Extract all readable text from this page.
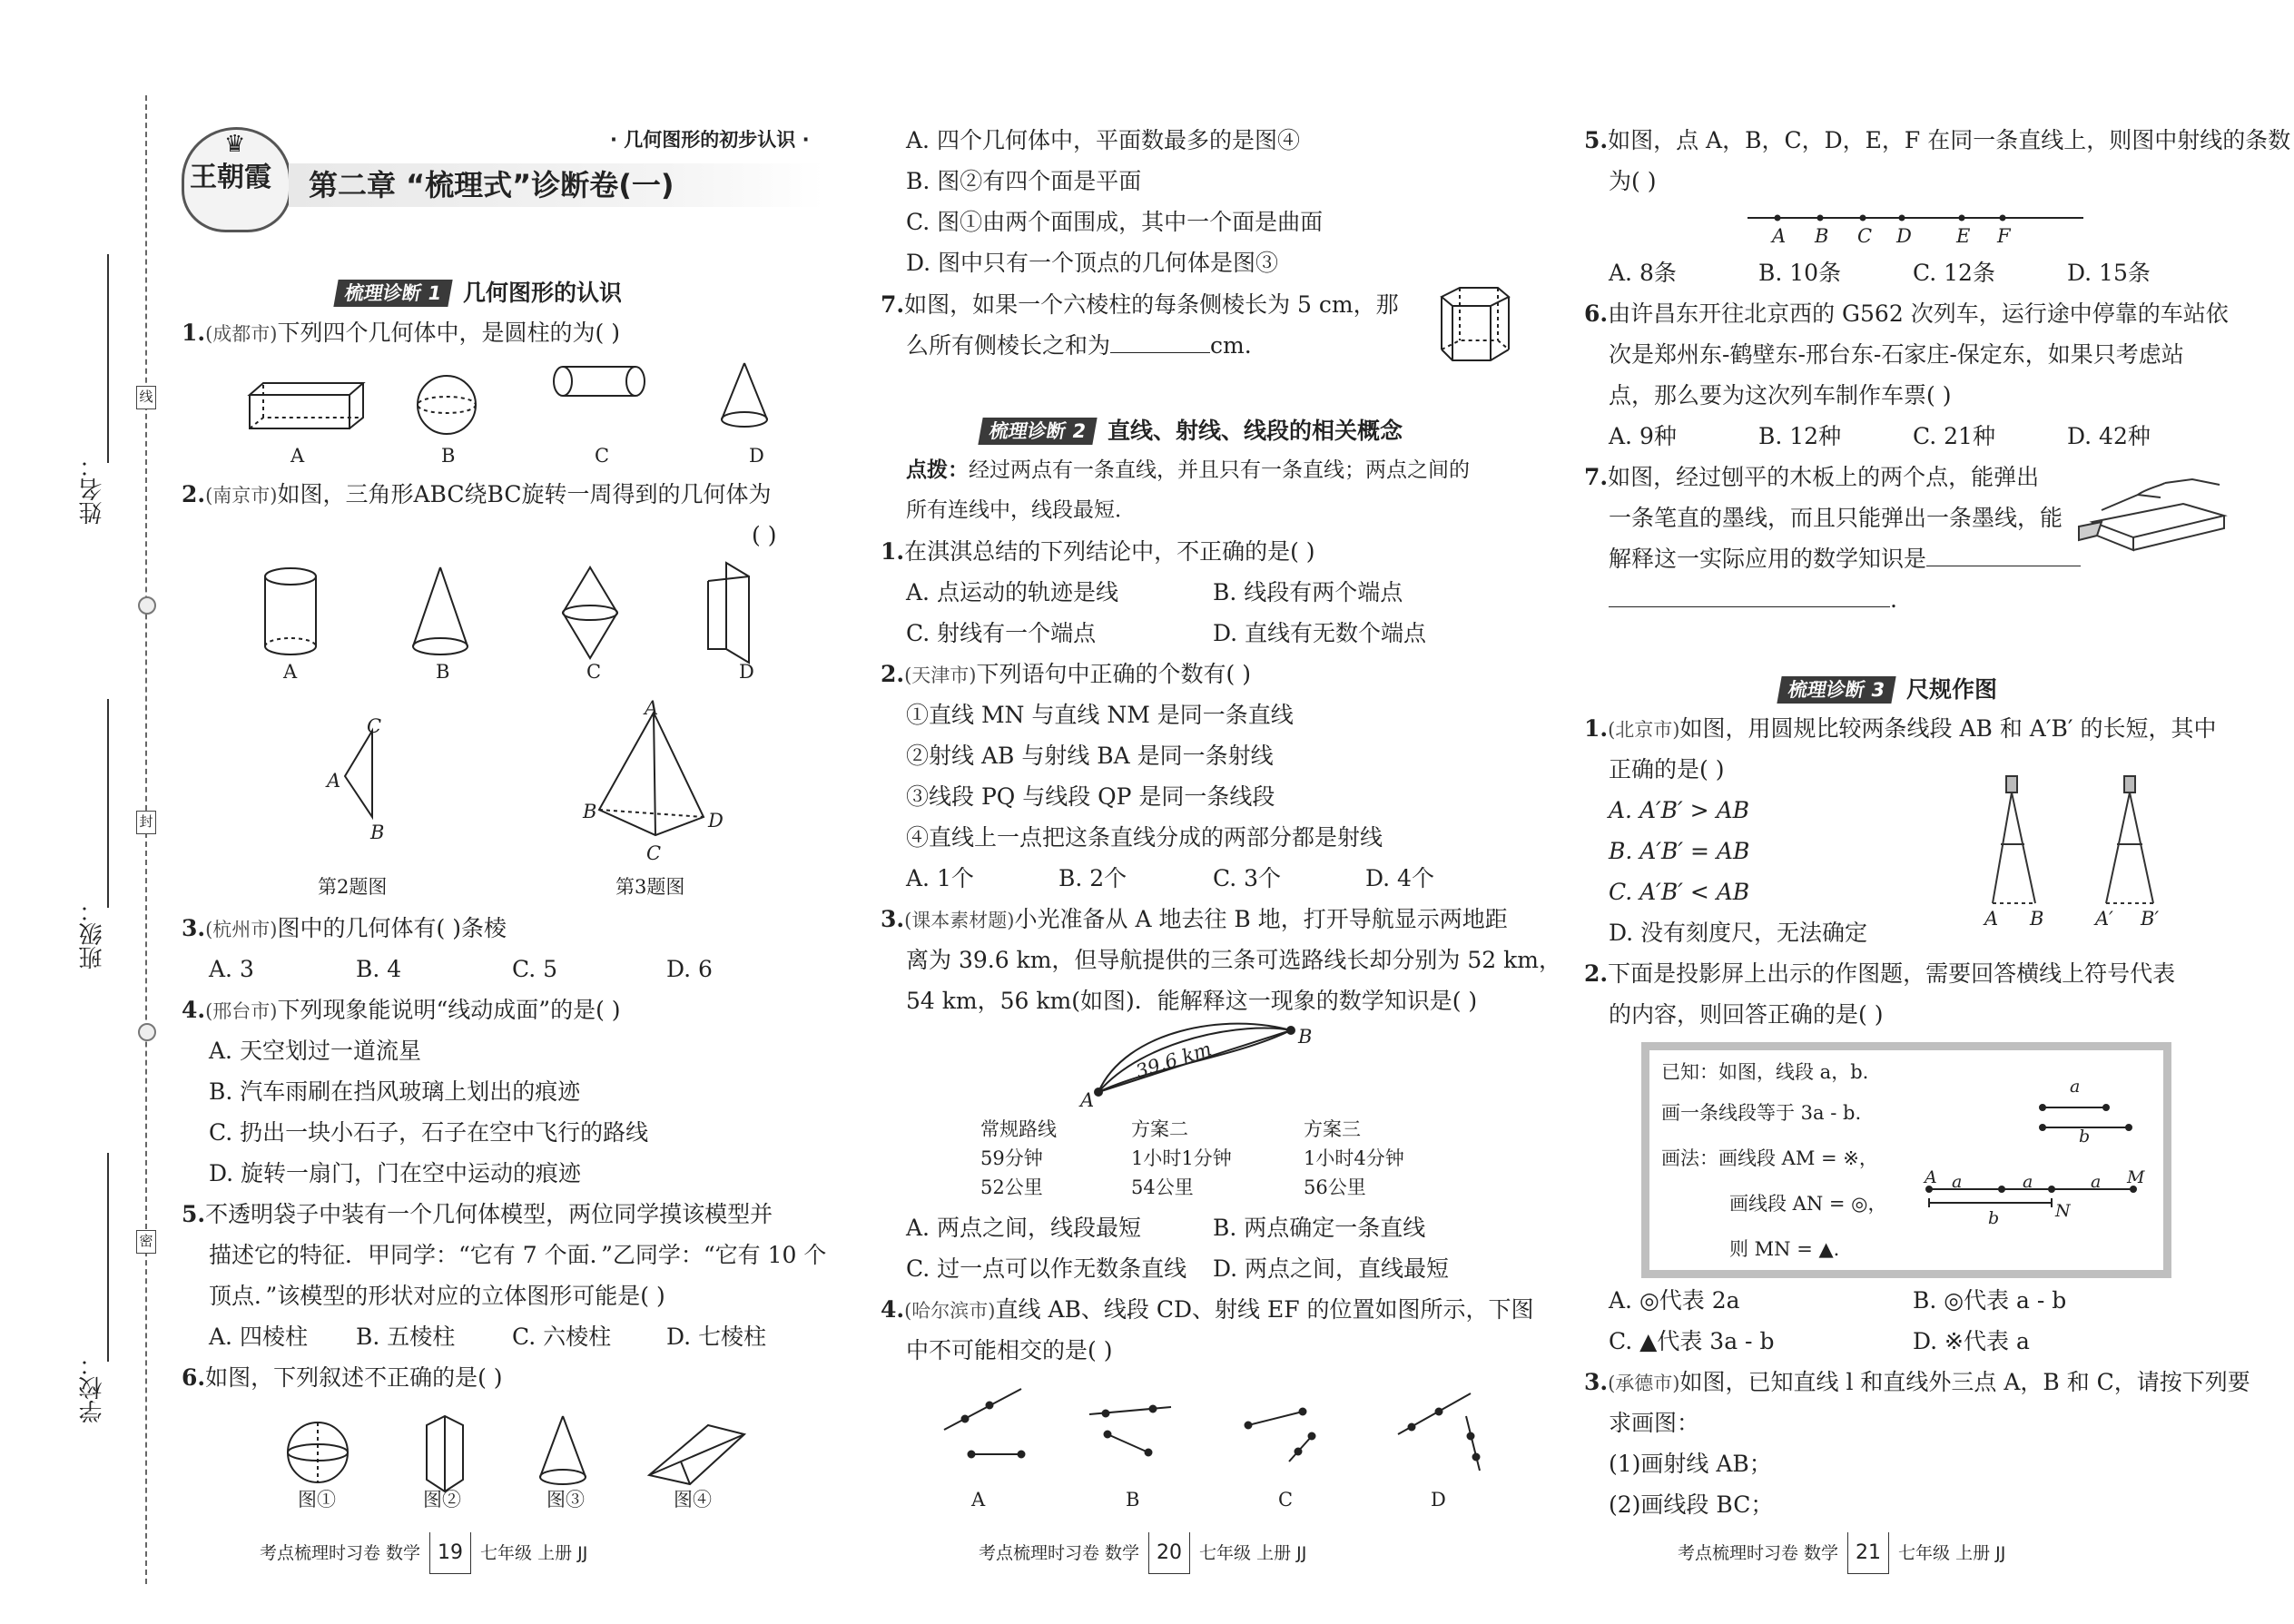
姓名：
班级：
学校：
线
封
密
♛
王朝霞
· 几何图形的初步认识 ·
第二章 “梳理式”诊断卷(一)
梳理诊断 1 几何图形的认识
1.(成都市)下列四个几何体中，是圆柱的为( )
A	B	C	D
2.(南京市)如图，三角形ABC绕BC旋转一周得到的几何体为
( )
A	B	C	D
C
A
B
第2题图
A
B	D
C
第3题图
3.(杭州市)图中的几何体有( )条棱
A. 3	B. 4	C. 5	D. 6
4.(邢台市)下列现象能说明“线动成面”的是( )
A. 天空划过一道流星
B. 汽车雨刷在挡风玻璃上划出的痕迹
C. 扔出一块小石子，石子在空中飞行的路线
D. 旋转一扇门，门在空中运动的痕迹
5.不透明袋子中装有一个几何体模型，两位同学摸该模型并
描述它的特征．甲同学：“它有 7 个面．”乙同学：“它有 10 个
顶点．”该模型的形状对应的立体图形可能是( )
A. 四棱柱 B. 五棱柱	C. 六棱柱 D. 七棱柱
6.如图，下列叙述不正确的是( )
图①	图②	图③	图④
考点梳理时习卷 数学 19 七年级 上册 JJ
A. 四个几何体中，平面数最多的是图④
B. 图②有四个面是平面
C. 图①由两个面围成，其中一个面是曲面
D. 图中只有一个顶点的几何体是图③
7.如图，如果一个六棱柱的每条侧棱长为 5 cm，那
么所有侧棱长之和为	cm.
梳理诊断 2 直线、射线、线段的相关概念
点拨：经过两点有一条直线，并且只有一条直线；两点之间的
所有连线中，线段最短．
1.在淇淇总结的下列结论中，不正确的是( )
A. 点运动的轨迹是线	B. 线段有两个端点
C. 射线有一个端点	D. 直线有无数个端点
2.(天津市)下列语句中正确的个数有( )
①直线 MN 与直线 NM 是同一条直线
②射线 AB 与射线 BA 是同一条射线
③线段 PQ 与线段 QP 是同一条线段
④直线上一点把这条直线分成的两部分都是射线
A. 1个	B. 2个	C. 3个	D. 4个
3.(课本素材题)小光准备从 A 地去往 B 地，打开导航显示两地距
离为 39.6 km，但导航提供的三条可选路线长却分别为 52 km，
54 km，56 km(如图)．能解释这一现象的数学知识是( )
39.6 km
A
B
常规路线
59分钟
52公里
方案二
1小时1分钟
54公里
方案三
1小时4分钟
56公里
A. 两点之间，线段最短	B. 两点确定一条直线
C. 过一点可以作无数条直线 D. 两点之间，直线最短
4.(哈尔滨市)直线 AB、线段 CD、射线 EF 的位置如图所示，下图
中不可能相交的是( )
A	B	C	D
考点梳理时习卷 数学 20 七年级 上册 JJ
5.如图，点 A，B，C，D，E，F 在同一条直线上，则图中射线的条数
为( )
A B C D E F
A. 8条	B. 10条	C. 12条	D. 15条
6.由许昌东开往北京西的 G562 次列车，运行途中停靠的车站依
次是郑州东-鹤壁东-邢台东-石家庄-保定东，如果只考虑站
点，那么要为这次列车制作车票( )
A. 9种	B. 12种	C. 21种	D. 42种
7.如图，经过刨平的木板上的两个点，能弹出
一条笔直的墨线，而且只能弹出一条墨线，能
解释这一实际应用的数学知识是
.
梳理诊断 3 尺规作图
1.(北京市)如图，用圆规比较两条线段 AB 和 A′B′ 的长短，其中
正确的是( )
A. A′B′ > AB
B. A′B′ = AB
C. A′B′ < AB
D. 没有刻度尺，无法确定
A B	A′ B′
2.下面是投影屏上出示的作图题，需要回答横线上符号代表
的内容，则回答正确的是( )
已知：如图，线段 a，b.
画一条线段等于 3a - b.
画法：画线段 AM = ※，
画线段 AN = ◎，
则 MN = ▲.
a
b
A a	a	a M
b	N
A. ◎代表 2a	B. ◎代表 a - b
C. ▲代表 3a - b	D. ※代表 a
3.(承德市)如图，已知直线 l 和直线外三点 A，B 和 C，请按下列要
求画图：
(1)画射线 AB；
(2)画线段 BC；
考点梳理时习卷 数学 21 七年级 上册 JJ
